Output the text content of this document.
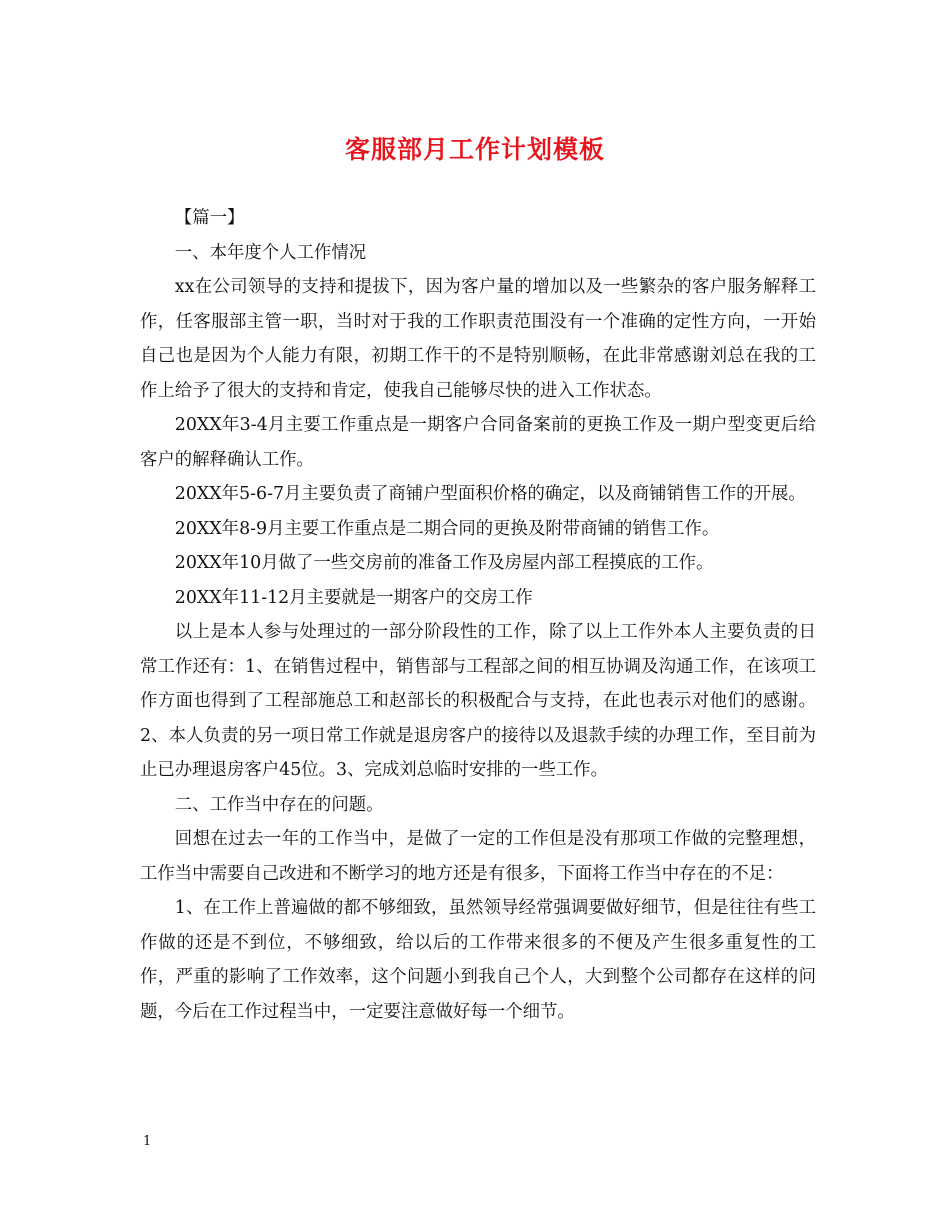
客服部月工作计划模板

【篇一】

一、本年度个人工作情况

xx在公司领导的支持和提拔下，因为客户量的增加以及一些繁杂的客户服务解释工作，任客服部主管一职，当时对于我的工作职责范围没有一个准确的定性方向，一开始自己也是因为个人能力有限，初期工作干的不是特别顺畅，在此非常感谢刘总在我的工作上给予了很大的支持和肯定，使我自己能够尽快的进入工作状态。

20XX年3-4月主要工作重点是一期客户合同备案前的更换工作及一期户型变更后给客户的解释确认工作。

20XX年5-6-7月主要负责了商铺户型面积价格的确定，以及商铺销售工作的开展。

20XX年8-9月主要工作重点是二期合同的更换及附带商铺的销售工作。

20XX年10月做了一些交房前的准备工作及房屋内部工程摸底的工作。

20XX年11-12月主要就是一期客户的交房工作

以上是本人参与处理过的一部分阶段性的工作，除了以上工作外本人主要负责的日常工作还有：1、在销售过程中，销售部与工程部之间的相互协调及沟通工作，在该项工作方面也得到了工程部施总工和赵部长的积极配合与支持，在此也表示对他们的感谢。2、本人负责的另一项日常工作就是退房客户的接待以及退款手续的办理工作，至目前为止已办理退房客户45位。3、完成刘总临时安排的一些工作。

二、工作当中存在的问题。

回想在过去一年的工作当中，是做了一定的工作但是没有那项工作做的完整理想，工作当中需要自己改进和不断学习的地方还是有很多，下面将工作当中存在的不足：

1、在工作上普遍做的都不够细致，虽然领导经常强调要做好细节，但是往往有些工作做的还是不到位，不够细致，给以后的工作带来很多的不便及产生很多重复性的工作，严重的影响了工作效率，这个问题小到我自己个人，大到整个公司都存在这样的问题，今后在工作过程当中，一定要注意做好每一个细节。

1
